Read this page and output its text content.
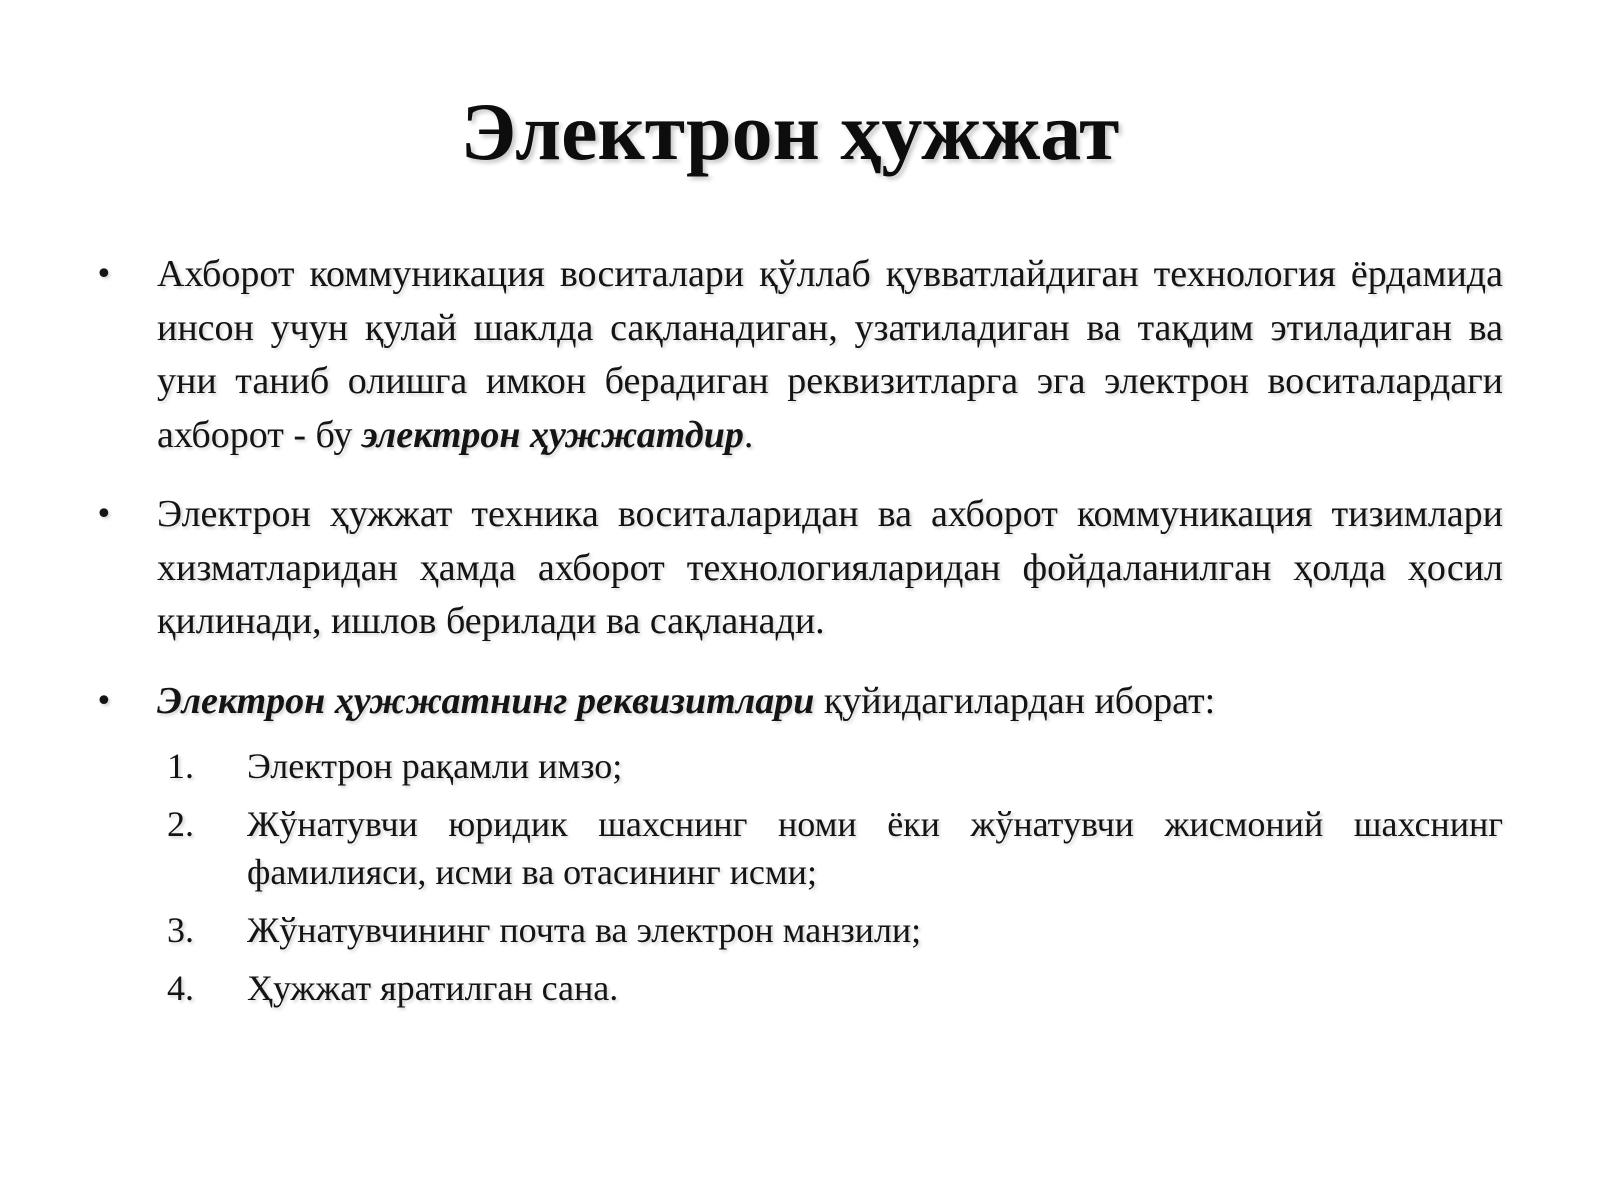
Электрон ҳужжат
• Ахборот коммуникация воситалари қўллаб қувватлайдиган технология ёрдамида инсон учун қулай шаклда сақланадиган, узатиладиган ва тақдим этиладиган ва уни таниб олишга имкон берадиган реквизитларга эга электрон воситалардаги ахборот - бу электрон ҳужжатдир.
• Электрон ҳужжат техника воситаларидан ва ахборот коммуникация тизимлари хизматларидан ҳамда ахборот технологияларидан фойдаланилган ҳолда ҳосил қилинади, ишлов берилади ва сақланади.
• Электрон ҳужжатнинг реквизитлари қуйидагилардан иборат:
1. Электрон рақамли имзо;
2. Жўнатувчи юридик шахснинг номи ёки жўнатувчи жисмоний шахснинг фамилияси, исми ва отасининг исми;
3. Жўнатувчининг почта ва электрон манзили;
4. Ҳужжат яратилган сана.
